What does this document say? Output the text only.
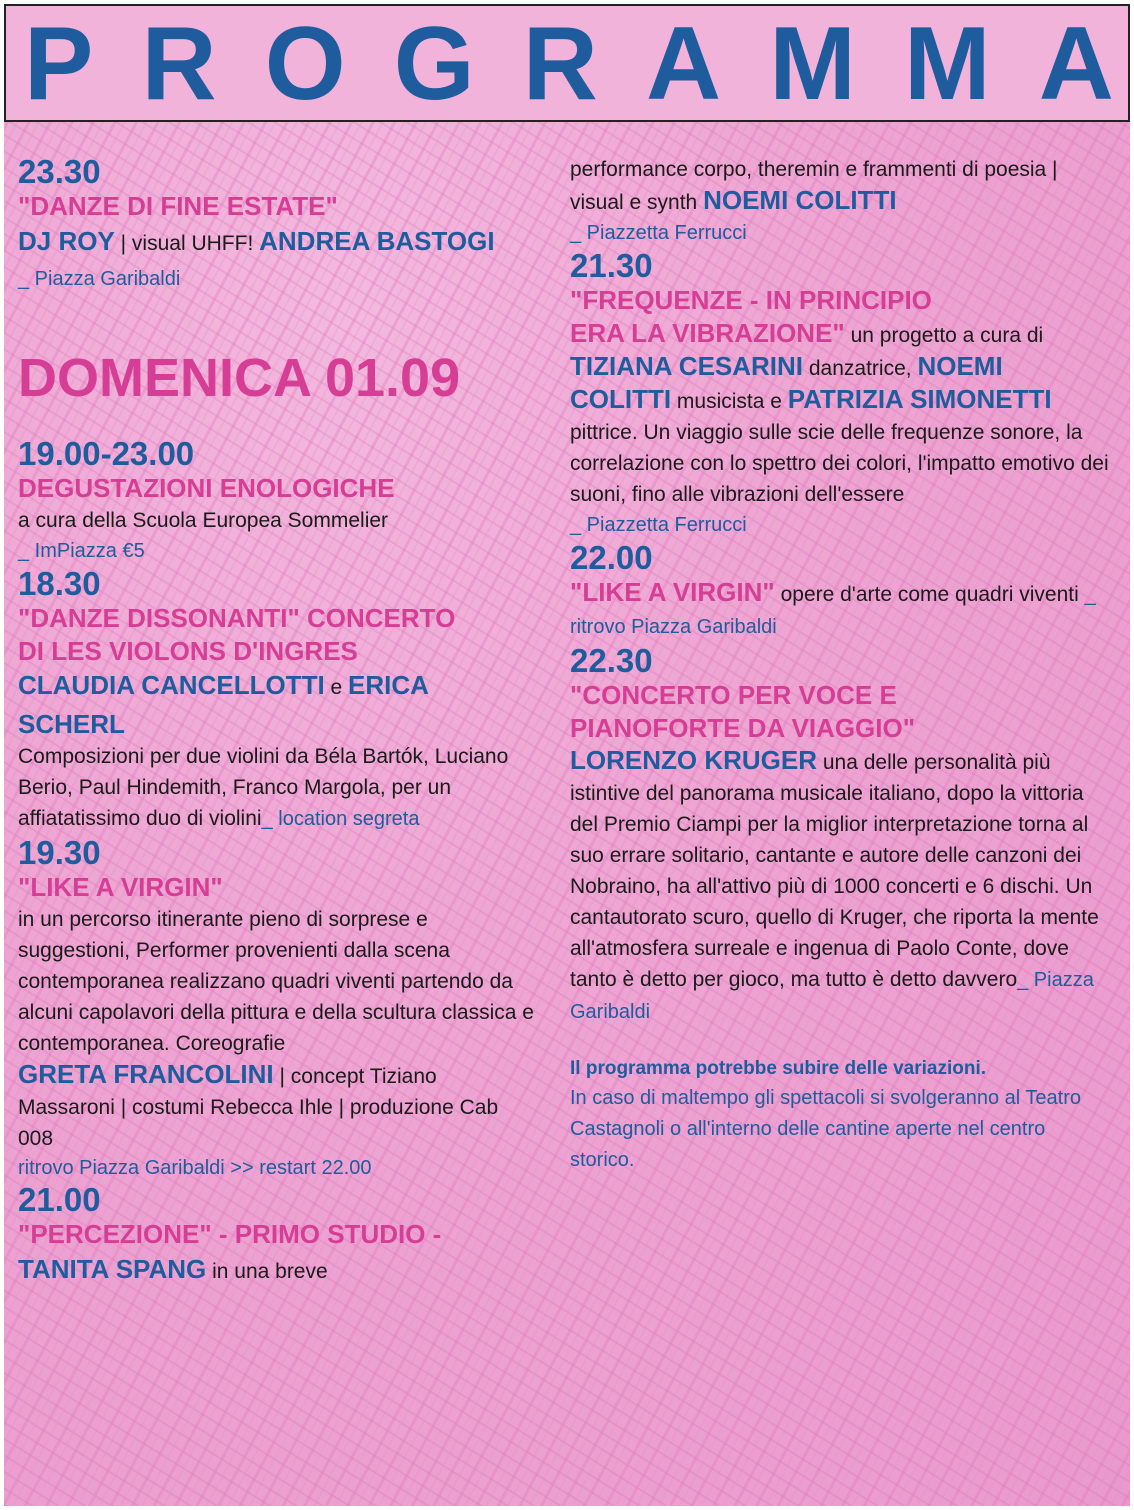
P R O G R A M M A
23.30
"DANZE DI FINE ESTATE"
DJ ROY | visual UHFF! ANDREA BASTOGI
_ Piazza Garibaldi
DOMENICA 01.09
19.00-23.00
DEGUSTAZIONI ENOLOGICHE
a cura della Scuola Europea Sommelier
_ ImPiazza €5
18.30
"DANZE DISSONANTI" CONCERTO
DI LES VIOLONS D'INGRES
CLAUDIA CANCELLOTTI e ERICA
SCHERL
Composizioni per due violini da Béla Bartók, Luciano Berio, Paul Hindemith, Franco Margola, per un affiatatissimo duo di violini_ location segreta
19.30
"LIKE A VIRGIN"
in un percorso itinerante pieno di sorprese e suggestioni, Performer provenienti dalla scena contemporanea realizzano quadri viventi partendo da alcuni capolavori della pittura e della scultura classica e contemporanea. Coreografie
GRETA FRANCOLINI | concept Tiziano Massaroni | costumi Rebecca Ihle | produzione Cab 008
ritrovo Piazza Garibaldi >> restart 22.00
21.00
"PERCEZIONE" - PRIMO STUDIO -
TANITA SPANG in una breve
performance corpo, theremin e frammenti di poesia | visual e synth NOEMI COLITTI
_ Piazzetta Ferrucci
21.30
"FREQUENZE - IN PRINCIPIO
ERA LA VIBRAZIONE" un progetto a cura di TIZIANA CESARINI danzatrice, NOEMI COLITTI musicista e PATRIZIA SIMONETTI pittrice. Un viaggio sulle scie delle frequenze sonore, la correlazione con lo spettro dei colori, l'impatto emotivo dei suoni, fino alle vibrazioni dell'essere
_ Piazzetta Ferrucci
22.00
"LIKE A VIRGIN" opere d'arte come quadri viventi _ ritrovo Piazza Garibaldi
22.30
"CONCERTO PER VOCE E
PIANOFORTE DA VIAGGIO"
LORENZO KRUGER una delle personalità più istintive del panorama musicale italiano, dopo la vittoria del Premio Ciampi per la miglior interpretazione torna al suo errare solitario, cantante e autore delle canzoni dei Nobraino, ha all'attivo più di 1000 concerti e 6 dischi. Un cantautorato scuro, quello di Kruger, che riporta la mente all'atmosfera surreale e ingenua di Paolo Conte, dove tanto è detto per gioco, ma tutto è detto davvero_ Piazza Garibaldi
Il programma potrebbe subire delle variazioni.
In caso di maltempo gli spettacoli si svolgeranno al Teatro Castagnoli o all'interno delle cantine aperte nel centro storico.
